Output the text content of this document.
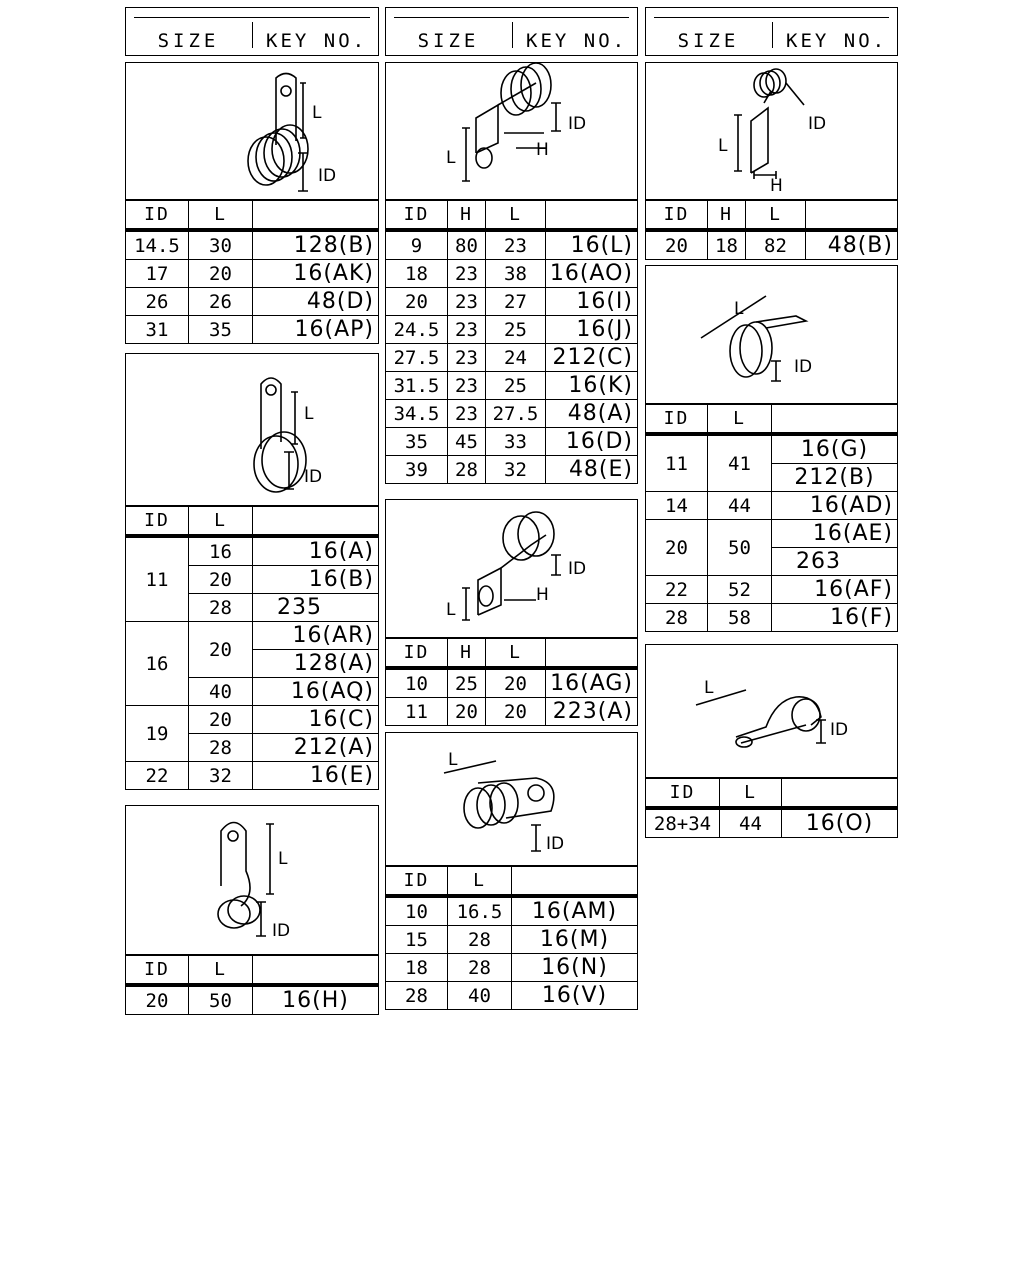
SIZE	KEY NO.	SIZE	KEY NO.	SIZE	KEY NO.
L
ID
ID	L	
14.5	30	128(B)
17	20	16(AK)
26	26	48(D)
31	35	16(AP)
L
ID
ID	L	
11	16	16(A)
	20	16(B)
	28	235
16	20	16(AR)
		128(A)
	40	16(AQ)
19	20	16(C)
	28	212(A)
22	32	16(E)
L
ID
ID	L	
20	50	16(H)
L	H
ID
ID	H	L	
9	80	23	16(L)
18	23	38	16(AO)
20	23	27	16(I)
24.5	23	25	16(J)
27.5	23	24	212(C)
31.5	23	25	16(K)
34.5	23	27.5	48(A)
35	45	33	16(D)
39	28	32	48(E)
L
H
ID
ID	H	L	
10	25	20	16(AG)
11	20	20	223(A)
L
ID
ID	L	
10	16.5	16(AM)
15	28	16(M)
18	28	16(N)
28	40	16(V)
L
H
ID
ID	H	L	
20	18	82	48(B)
L
ID
ID	L	
11	41	16(G)
		212(B)
14	44	16(AD)
20	50	16(AE)
		263
22	52	16(AF)
28	58	16(F)
L
ID
ID	L	
28+34	44	16(O)
